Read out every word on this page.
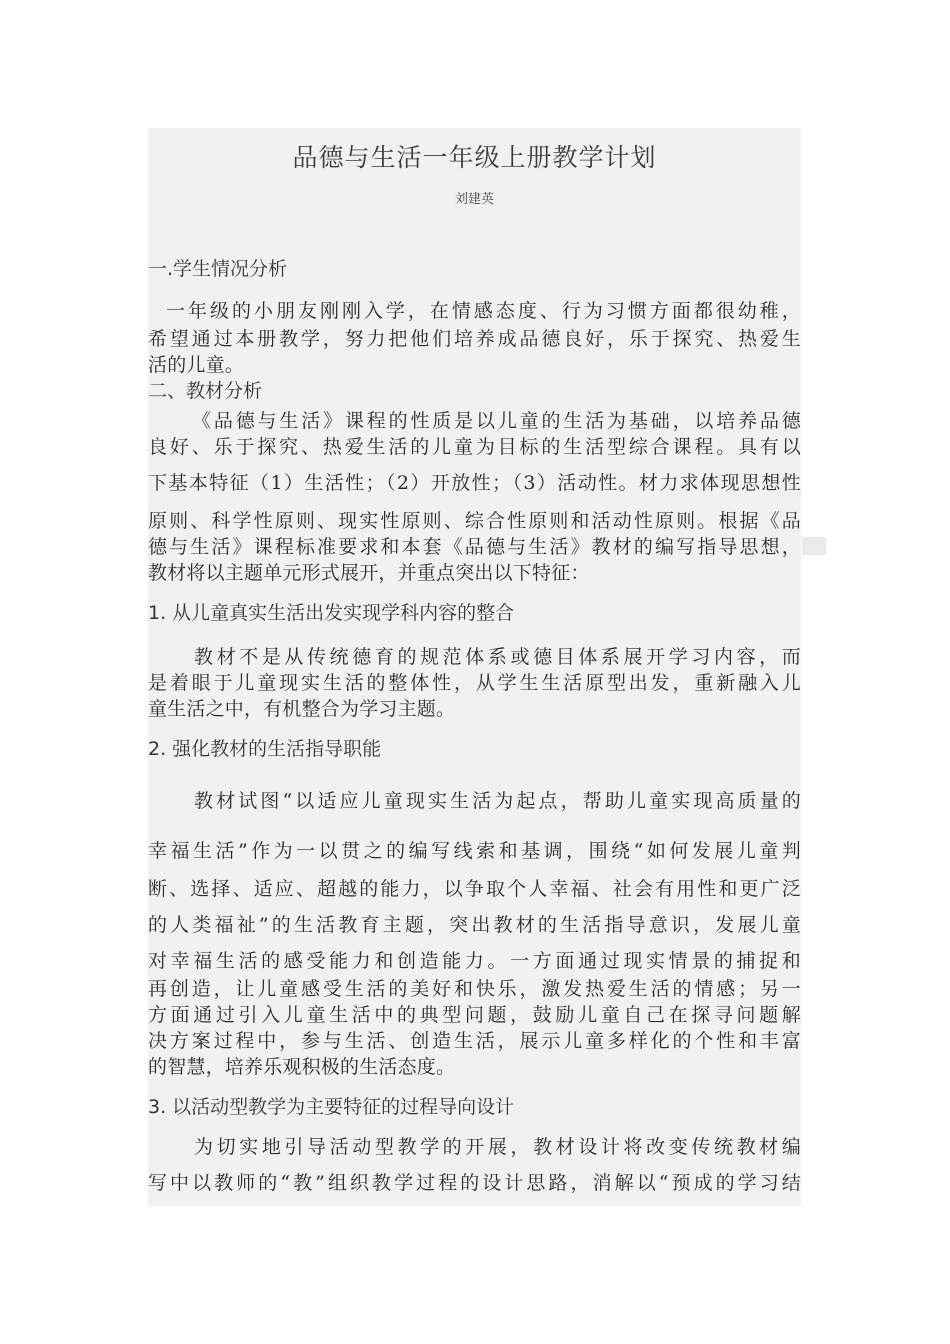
品德与生活一年级上册教学计划
刘建英
一.学生情况分析
一年级的小朋友刚刚入学，在情感态度、行为习惯方面都很幼稚，
希望通过本册教学，努力把他们培养成品德良好，乐于探究、热爱生
活的儿童。
二、教材分析
《品德与生活》课程的性质是以儿童的生活为基础，以培养品德
良好、乐于探究、热爱生活的儿童为目标的生活型综合课程。具有以
下基本特征（1）生活性；（2）开放性；（3）活动性。材力求体现思想性
原则、科学性原则、现实性原则、综合性原则和活动性原则。根据《品
德与生活》课程标准要求和本套《品德与生活》教材的编写指导思想，
教材将以主题单元形式展开，并重点突出以下特征：
1. 从儿童真实生活出发实现学科内容的整合
教材不是从传统德育的规范体系或德目体系展开学习内容，而
是着眼于儿童现实生活的整体性，从学生生活原型出发，重新融入儿
童生活之中，有机整合为学习主题。
2. 强化教材的生活指导职能
教材试图“以适应儿童现实生活为起点，帮助儿童实现高质量的
幸福生活”作为一以贯之的编写线索和基调，围绕“如何发展儿童判
断、选择、适应、超越的能力，以争取个人幸福、社会有用性和更广泛
的人类福祉”的生活教育主题，突出教材的生活指导意识，发展儿童
对幸福生活的感受能力和创造能力。一方面通过现实情景的捕捉和
再创造，让儿童感受生活的美好和快乐，激发热爱生活的情感；另一
方面通过引入儿童生活中的典型问题，鼓励儿童自己在探寻问题解
决方案过程中，参与生活、创造生活，展示儿童多样化的个性和丰富
的智慧，培养乐观积极的生活态度。
3. 以活动型教学为主要特征的过程导向设计
为切实地引导活动型教学的开展，教材设计将改变传统教材编
写中以教师的“教”组织教学过程的设计思路，消解以“预成的学习结
